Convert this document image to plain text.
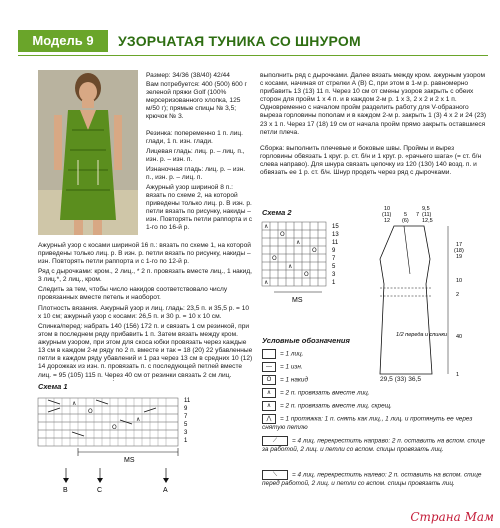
Модель 9	УЗОРЧАТАЯ ТУНИКА СО ШНУРОМ
Размер: 34/36 (38/40) 42/44
Вам потребуется: 400 (500) 600 г зеленой пряжи Golf (100% мерсеризованного хлопка, 125 м/50 г); прямые спицы № 3,5; крючок № 3.
Резинка: попеременно 1 п. лиц. глади, 1 п. изн. глади.
Лицевая гладь: лиц. р. – лиц. п., изн. р. – изн. п.
Изнаночная гладь: лиц. р. – изн. п., изн. р. – лиц. п.
Ажурный узор шириной 8 п.: вязать по схеме 2, на которой приведены только лиц. р. В изн. р. петли вязать по рисунку, накиды – изн. Повторять петли раппорта и с 1-го по 16-й р.
Ажурный узор с косами шириной 16 п.: вязать по схеме 1, на которой приведены только лиц. р. В изн. р. петли вязать по рисунку, накиды – изн. Повторять петли раппорта и с 1-го по 12-й р.
Ряд с дырочками: кром., 2 лиц., * 2 п. провязать вместе лиц., 1 накид, 3 лиц.*, 2 лиц., кром.
Следить за тем, чтобы число накидов соответствовало числу провязанных вместе петель и наоборот.
Плотность вязания. Ажурный узор и лиц. гладь: 23,5 п. и 35,5 р. = 10 х 10 см; ажурный узор с косами: 26,5 п. и 30 р. = 10 х 10 см.
Спинка/перед: набрать 140 (156) 172 п. и связать 1 см резинкой, при этом в последнем ряду прибавить 1 п. Затем вязать между кром. ажурным узором, при этом для скоса юбки провязать через каждые 13 см в каждом 2-м ряду по 2 п. вместе и так = 18 (20) 22 убавленные петли в каждом ряду убавлений и 1 раз через 13 см в средних 10 (12) 14 дорожках из изн. п. провязать п. с последующей петлей вместе лиц. = 95 (105) 115 п. Через 40 см от резинки связать 2 см лиц.
Схема 1
∧
O
O
∧
MS
В	С	А
11
9
7
5
3
1
выполнить ряд с дырочками. Далее вязать между кром. ажурным узором с косами, начиная от стрелки А (В) С, при этом в 1-м р. равномерно прибавить 13 (13) 11 п. Через 10 см от смены узоров закрыть с обеих сторон для пройм 1 х 4 п. и в каждом 2-м р. 1 х 3, 2 х 2 и 2 х 1 п. Одновременно с началом пройм разделить работу для V-образного выреза горловины пополам и в каждом 2-м р. закрыть 1 (3) 4 х 2 и 24 (23) 23 х 1 п. Через 17 (18) 19 см от начала пройм прямо закрыть оставшиеся петли плеча.
Сборка: выполнить плечевые и боковые швы. Проймы и вырез горловины обвязать 1 круг. р. ст. б/н и 1 круг. р. «рачьего шага» (= ст. б/н слева направо). Для шнура связать цепочку из 120 (130) 140 возд. п. и обвязать ее 1 р. ст. б/н. Шнур продеть через ряд с дырочками.
Схема 2
∧
O
∧
O
O
∧
O
∧
MS
15
13
11
9
7
5
3
1
10
(11)
12
5
(6)
7
9,5
(11)
12,5
17
(18)
19
10
2
40
1
1/2 переда и спинки
29,5 (33) 36,5
Условные обозначения
= 1 лиц.
— = 1 изн.
O = 1 накид
∧ = 2 п. провязать вместе лиц.
∧ = 2 п. провязать вместе лиц. скрещ.
⋀ = 1 протяжка: 1 п. снять как лиц., 1 лиц. и протянуть ее через снятую петлю
⟋ = 4 лиц. перекрестить направо: 2 п. оставить на вспом. спице за работой, 2 лиц. и петли со вспом. спицы провязать лиц.
⟍ = 4 лиц. перекрестить налево: 2 п. оставить на вспом. спице перед работой, 2 лиц. и петли со вспом. спицы провязать лиц.
Страна Мам
